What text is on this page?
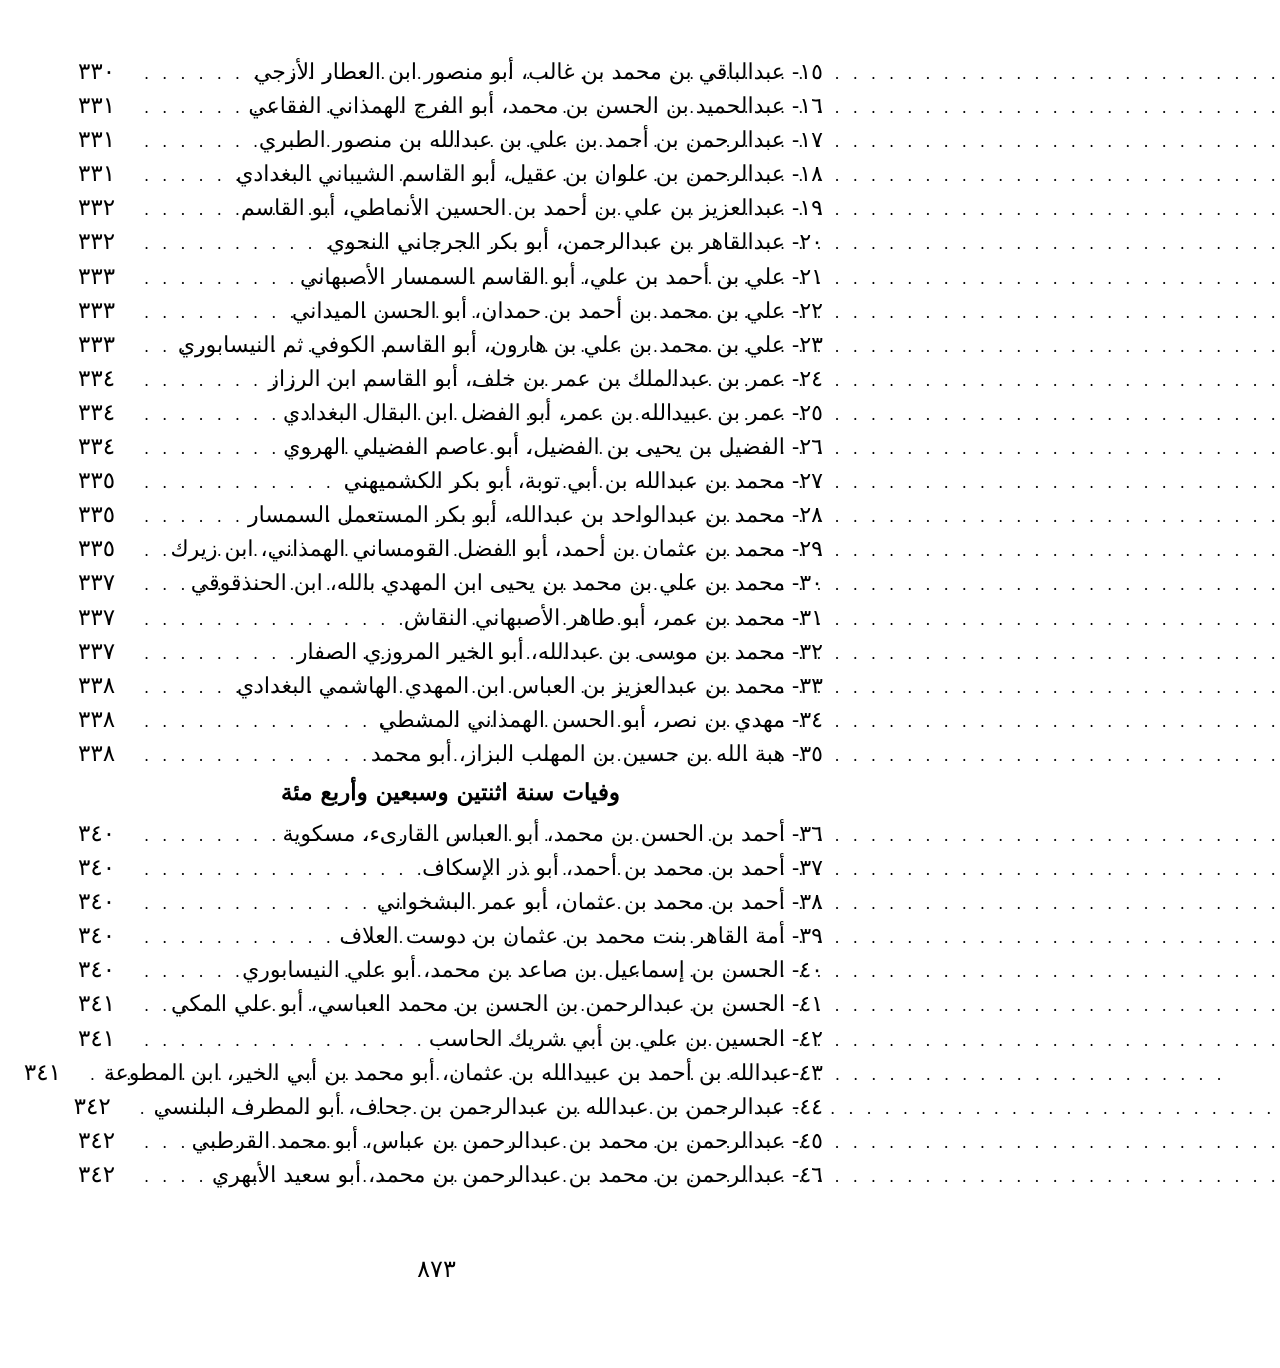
١٥- عبدالباقي بن محمد بن غالب، أبو منصور ابن العطار الأزجي
. . .
٣٣٠
١٦- عبدالحميد بن الحسن بن محمد، أبو الفرج الهمذاني الفقاعي
. . .
٣٣١
١٧- عبدالرحمن بن أحمد بن علي بن عبدالله بن منصور الطبري
. . .
٣٣١
١٨- عبدالرحمن بن علوان بن عقيل، أبو القاسم الشيباني البغدادي
. . .
٣٣١
١٩- عبدالعزيز بن علي بن أحمد بن الحسين الأنماطي، أبو القاسم
. . .
٣٣٢
٢٠- عبدالقاهر بن عبدالرحمن، أبو بكر الجرجاني النحوي
. . .
٣٣٢
٢١- علي بن أحمد بن علي، أبو القاسم السمسار الأصبهاني
. . .
٣٣٣
٢٢- علي بن محمد بن أحمد بن حمدان، أبو الحسن الميداني
. . .
٣٣٣
٢٣- علي بن محمد بن علي بن هارون، أبو القاسم الكوفي ثم النيسابوري
. . .
٣٣٣
٢٤- عمر بن عبدالملك بن عمر بن خلف، أبو القاسم ابن الرزاز
. . .
٣٣٤
٢٥- عمر بن عبيدالله بن عمر، أبو الفضل ابن البقال البغدادي
. . .
٣٣٤
٢٦- الفضيل بن يحيى بن الفضيل، أبو عاصم الفضيلي الهروي
. . .
٣٣٤
٢٧- محمد بن عبدالله بن أبي توبة، أبو بكر الكشميهني
. . .
٣٣٥
٢٨- محمد بن عبدالواحد بن عبدالله، أبو بكر المستعمل السمسار
. . .
٣٣٥
٢٩- محمد بن عثمان بن أحمد، أبو الفضل القومساني الهمذاني، ابن زيرك
. . .
٣٣٥
٣٠- محمد بن علي بن محمد بن يحيى ابن المهدي بالله، ابن الحنذقوقي
. . .
٣٣٧
٣١- محمد بن عمر، أبو طاهر الأصبهاني النقاش
. . .
٣٣٧
٣٢- محمد بن موسى بن عبدالله، أبو الخير المروزي الصفار
. . .
٣٣٧
٣٣- محمد بن عبدالعزيز بن العباس ابن المهدي الهاشمي البغدادي
. . .
٣٣٨
٣٤- مهدي بن نصر، أبو الحسن الهمذاني المشطي
. . .
٣٣٨
٣٥- هبة الله بن حسين بن المهلب البزاز، أبو محمد
. . .
٣٣٨
وفيات سنة اثنتين وسبعين وأربع مئة
٣٦- أحمد بن الحسن بن محمد، أبو العباس القارىء، مسكوية
. . .
٣٤٠
٣٧- أحمد بن محمد بن أحمد، أبو ذر الإسكاف
. . .
٣٤٠
٣٨- أحمد بن محمد بن عثمان، أبو عمر البشخواني
. . .
٣٤٠
٣٩- أمة القاهر بنت محمد بن عثمان بن دوست العلاف
. . .
٣٤٠
٤٠- الحسن بن إسماعيل بن صاعد بن محمد، أبو علي النيسابوري
. . .
٣٤٠
٤١- الحسن بن عبدالرحمن بن الحسن بن محمد العباسي، أبو علي المكي
. . .
٣٤١
٤٢- الحسين بن علي بن أبي شريك الحاسب
. . .
٣٤١
٤٣-عبدالله بن أحمد بن عبيدالله بن عثمان، أبو محمد بن أبي الخير، ابن المطوعة
. . .
٣٤١
٤٤- عبدالرحمن بن عبدالله بن عبدالرحمن بن جحاف، أبو المطرف البلنسي
. . .
٣٤٢
٤٥- عبدالرحمن بن محمد بن عبدالرحمن بن عباس، أبو محمد القرطبي
. . .
٣٤٢
٤٦- عبدالرحمن بن محمد بن عبدالرحمن بن محمد، أبو سعيد الأبهري
. . .
٣٤٢
٨٧٣
